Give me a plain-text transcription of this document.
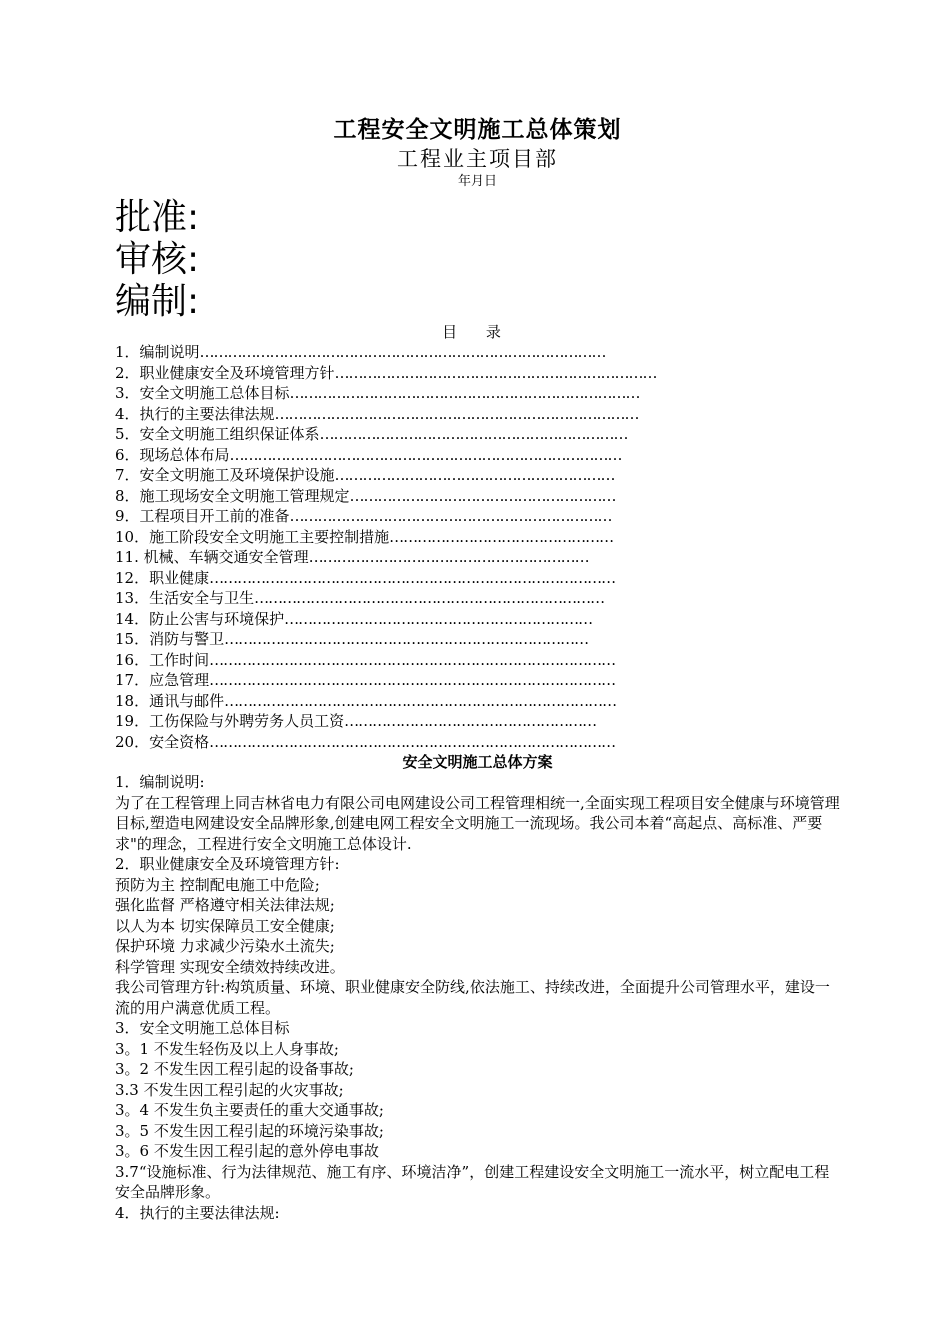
工程安全文明施工总体策划
工程业主项目部
年月日
批准:
审核:
编制:
目 录
1．编制说明……………………………………………………………………………
2．职业健康安全及环境管理方针……………………………………………………………
3．安全文明施工总体目标…………………………………………………………………
4．执行的主要法律法规……………………………………………………………………
5．安全文明施工组织保证体系…………………………………………………………
6．现场总体布局…………………………………………………………………………
7．安全文明施工及环境保护设施……………………………………………………
8．施工现场安全文明施工管理规定…………………………………………………
9．工程项目开工前的准备……………………………………………………………
10．施工阶段安全文明施工主要控制措施…………………………………………
11. 机械、车辆交通安全管理……………………………………………………
12．职业健康……………………………………………………………………………
13．生活安全与卫生…………………………………………………………………
14．防止公害与环境保护…………………………………………………………
15．消防与警卫……………………………………………………………………
16．工作时间……………………………………………………………………………
17．应急管理……………………………………………………………………………
18．通讯与邮件…………………………………………………………………………
19．工伤保险与外聘劳务人员工资………………………………………………
20．安全资格……………………………………………………………………………
安全文明施工总体方案

1．编制说明:

为了在工程管理上同吉林省电力有限公司电网建设公司工程管理相统一,全面实现工程项目安全健康与环境管理目标,塑造电网建设安全品牌形象,创建电网工程安全文明施工一流现场。我公司本着“高起点、高标准、严要求"的理念，工程进行安全文明施工总体设计.

2．职业健康安全及环境管理方针:

预防为主 控制配电施工中危险;

强化监督 严格遵守相关法律法规;

以人为本 切实保障员工安全健康;

保护环境 力求减少污染水土流失;

科学管理 实现安全绩效持续改进。

我公司管理方针:构筑质量、环境、职业健康安全防线,依法施工、持续改进，全面提升公司管理水平，建设一流的用户满意优质工程。

3．安全文明施工总体目标

3。1 不发生轻伤及以上人身事故;

3。2 不发生因工程引起的设备事故;

3.3 不发生因工程引起的火灾事故;

3。4 不发生负主要责任的重大交通事故;

3。5 不发生因工程引起的环境污染事故;

3。6 不发生因工程引起的意外停电事故

3.7“设施标准、行为法律规范、施工有序、环境洁净”，创建工程建设安全文明施工一流水平，树立配电工程安全品牌形象。

4．执行的主要法律法规:
